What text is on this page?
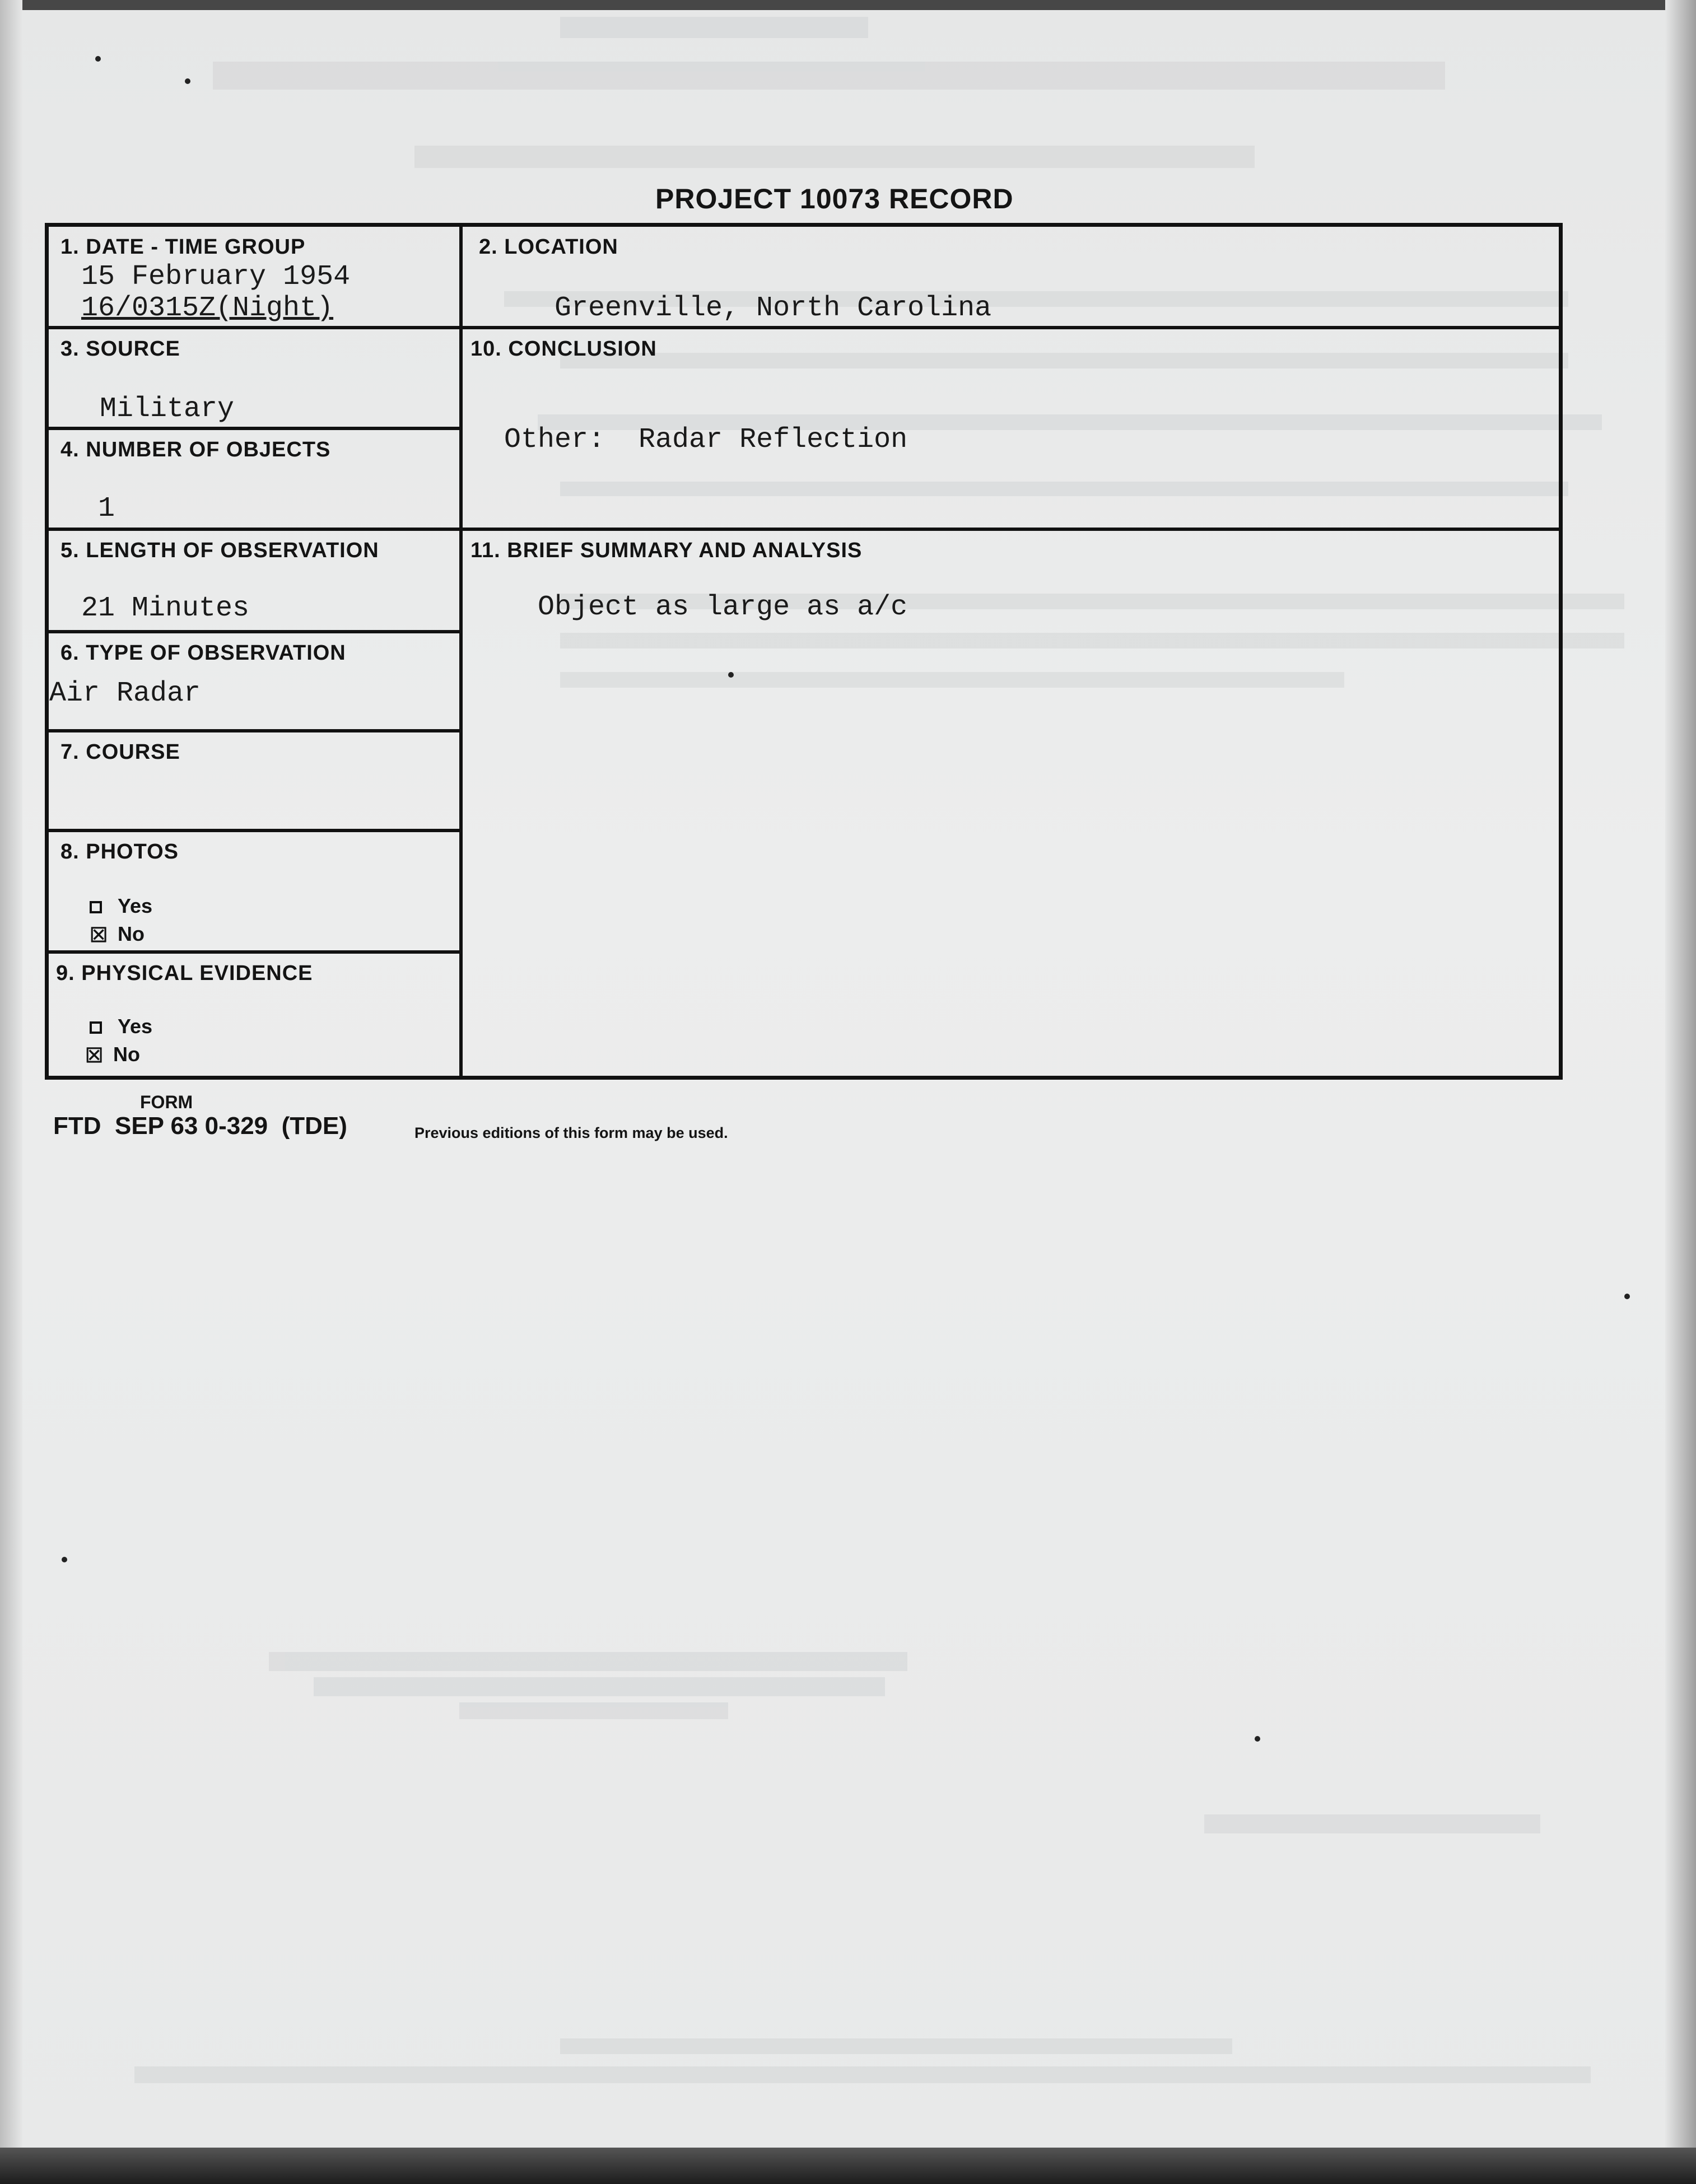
PROJECT 10073 RECORD
1. DATE - TIME GROUP
15 February 1954
16/0315Z(Night)
2. LOCATION
Greenville, North Carolina
3. SOURCE
Military
4. NUMBER OF OBJECTS
1
10. CONCLUSION
Other:  Radar Reflection
5. LENGTH OF OBSERVATION
21 Minutes
11. BRIEF SUMMARY AND ANALYSIS
Object as large as a/c
6. TYPE OF OBSERVATION
Air Radar
7. COURSE
8. PHOTOS
Yes
☒ No
9. PHYSICAL EVIDENCE
Yes
☒ No
FORM
FTD  SEP 63 0-329  (TDE)	Previous editions of this form may be used.
